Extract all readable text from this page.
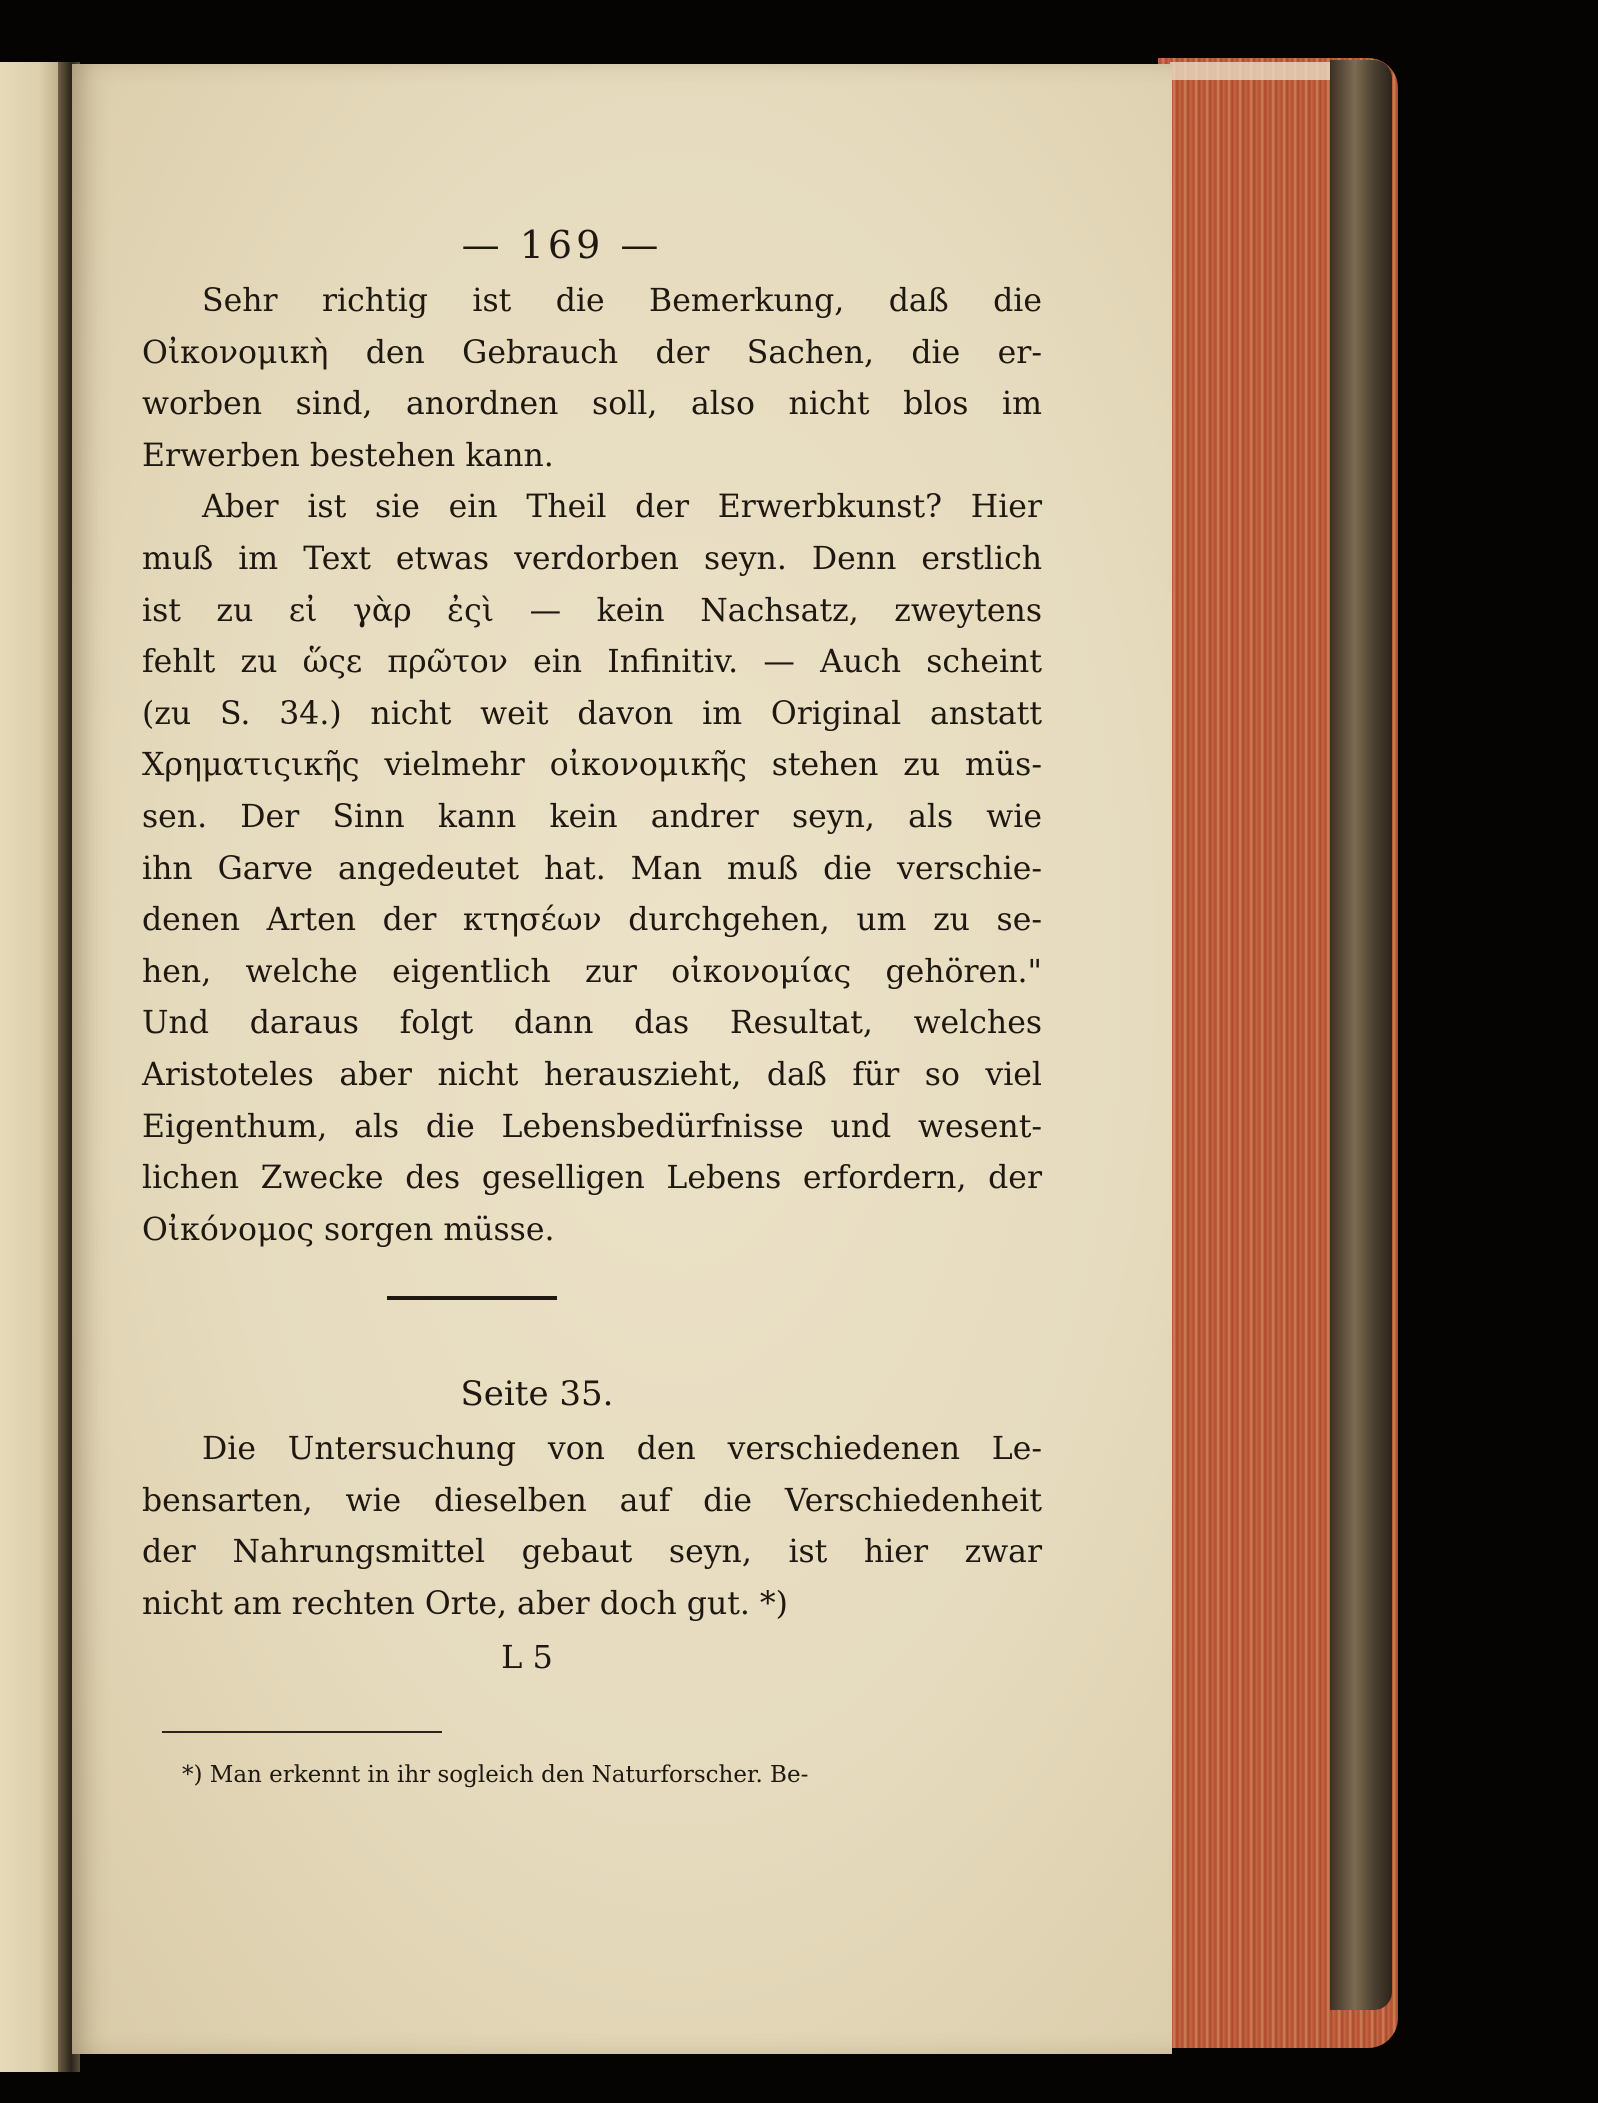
— 169 —
Sehr richtig ist die Bemerkung, daß die
Οἰκονομικὴ den Gebrauch der Sachen, die er-
worben sind, anordnen soll, also nicht blos im
Erwerben bestehen kann.
Aber ist sie ein Theil der Erwerbkunst? Hier
muß im Text etwas verdorben seyn. Denn erstlich
ist zu εἰ γὰρ ἐςὶ — kein Nachsatz, zweytens
fehlt zu ὥςε πρῶτον ein Infinitiv. — Auch scheint
(zu S. 34.) nicht weit davon im Original anstatt
Χρηματιςικῆς vielmehr οἰκονομικῆς stehen zu müs-
sen. Der Sinn kann kein andrer seyn, als wie
ihn Garve angedeutet hat. Man muß die verschie-
denen Arten der κτησέων durchgehen, um zu se-
hen, welche eigentlich zur οἰκονομίας gehören."
Und daraus folgt dann das Resultat, welches
Aristoteles aber nicht herauszieht, daß für so viel
Eigenthum, als die Lebensbedürfnisse und wesent-
lichen Zwecke des geselligen Lebens erfordern, der
Οἰκόνομος sorgen müsse.
Seite 35.
Die Untersuchung von den verschiedenen Le-
bensarten, wie dieselben auf die Verschiedenheit
der Nahrungsmittel gebaut seyn, ist hier zwar
nicht am rechten Orte, aber doch gut. *)
L 5
*) Man erkennt in ihr sogleich den Naturforscher. Be-
